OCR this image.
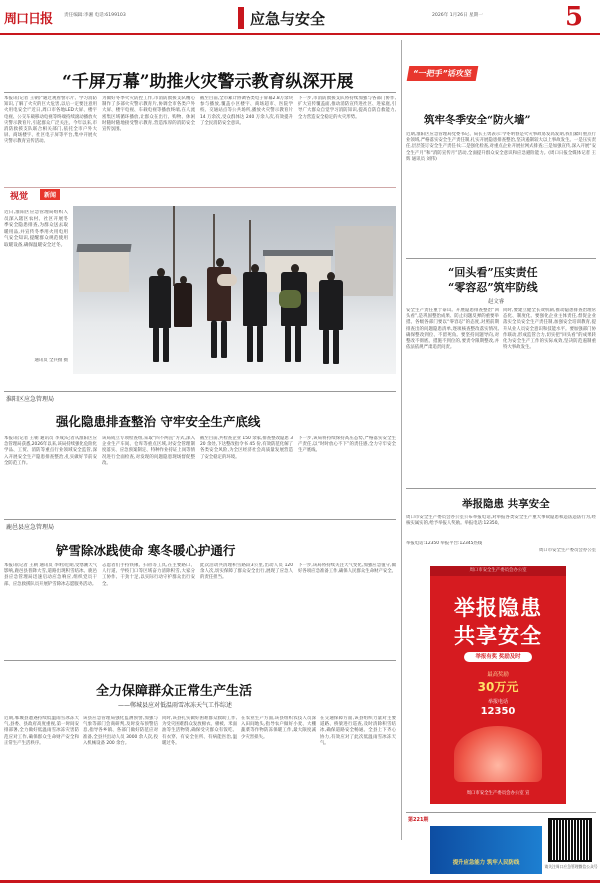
周口日报	责任编辑:李湘 电话:6199103	应急与安全	2026年 1月26日 星期一	5
“千屏万幕”助推火灾警示教育纵深开展
本报讯(记者 王朝)“通过观看警示片、学习消防知识,了解了火灾的巨大危害,以后一定要注意用火用电安全!”近日,周口市各地LED大屏、楼宇电视、公交车载移动电视等终端持续滚动播放火灾警示教育片,引起群众广泛关注。今年以来,市消防救援支队联合相关部门,依托全市户外大屏、商场楼宇、社区电子屏等平台,集中开展火灾警示教育宣传活动。
为做好冬季火灾防控工作,市消防救援支队精心制作了多部火灾警示教育片,协调全市各类户外大屏、楼宇电视、车载电视等播放终端,在人流密集区域循环播放,让群众在出行、购物、休闲时随时随地接受警示教育,营造浓厚的消防安全宣传氛围。
截至目前,全市累计协调各类电子屏幕2.8万余块参与播放,覆盖小区楼宇、商场超市、医院学校、交通站点等公共场所,播放火灾警示教育片 14 万余次,受众群体达 240 万余人次,有效提升了全民消防安全意识。
下一步,市消防救援支队将持续加强与各部门协作,扩大宣传覆盖面,推动消防宣传进社区、进家庭,引导广大群众自觉学习消防知识,提高自防自救能力,全力营造安全稳定的火灾形势。
视觉	新闻
近日,淮阳区应急管理局组织人员深入辖区农村、社区开展冬季安全隐患排查,为群众送去取暖用品,并宣传冬季用火用电用气安全知识,提醒群众规范使用取暖设备,确保温暖安全过冬。
通讯员 全兵摄 摄
淮阳区应急管理局
强化隐患排查整治 守牢安全生产底线
本报讯(记者 王朝 通讯员 李成)记者从淮阳区应急管理局获悉,2026年以来,该局持续强化危险化学品、工贸、消防等重点行业领域安全监管,深入开展安全生产隐患排查整治,扎实做好节前安全防范工作。
该局成立专项检查组,采取“四不两直”方式,深入企业生产车间、仓库等重点区域,对安全管理制度落实、应急预案制定、特种作业持证上岗等情况进行全面检查,对发现的问题隐患现场督促整改。
截至目前,共检查企业 150 余家,排查整改隐患 320 余处,下达整改指令书 45 份,有效防范化解了各类安全风险,为全区经济社会高质量发展营造了安全稳定的环境。
下一步,该局将持续保持高压态势,严格落实安全生产责任,以“时时放心不下”的责任感,全力守牢安全生产底线。
鹿邑县应急管理局
铲雪除冰践使命 寒冬暖心护通行
本报讯(记者 王朝 通讯员 李明)近期,受寒潮天气影响,鹿邑县普降大雪,道路出现积雪结冰。鹿邑县应急管理局迅速启动应急响应,组织党员干部、应急救援队员开展铲雪除冰志愿服务活动。
志愿者们手持铁锹、扫帚等工具,在主要路口、人行道、学校门口等区域奋力清除积雪,大家分工协作、干劲十足,以实际行动守护群众出行安全。
此次活动共清理积雪路段3公里,出动人员 120 余人次,切实保障了群众安全出行,展现了应急人的责任担当。
下一步,该局将持续关注天气变化,加强应急值守,做好各项应急准备工作,确保人民群众生命财产安全。
全力保障群众正常生产生活
——郸城县应对低温雨雪冰冻天气工作综述
近期,郸城县遭遇持续低温雨雪冰冻天气,县委、县政府高度重视,第一时间安排部署,全力做好低温雨雪冰冻灾害防范应对工作,确保群众生命财产安全和正常生产生活秩序。
该县应急管理局强化监测预警,加强与气象等部门会商研判,及时发布预警信息,指导各乡镇、各部门做好防范应对准备,全县共出动人员 3000 余人次,投入机械设备 200 余台。
同时,该县扎实做好困难群众救助工作,为受灾困难群众发放棉衣、棉被、米面油等生活物资,确保受灾群众有饭吃、有衣穿、有安全住所、有病能医治,温暖过冬。
在农业生产方面,该县组织农技人员深入田间地头,指导农户做好小麦、大棚蔬菜等作物防冻保暖工作,最大限度减少灾害损失。
在交通保障方面,该县组织力量对主要道路、桥梁进行巡查,及时清除积雪结冰,确保道路安全畅通。全县上下齐心协力,有效应对了此次低温雨雪冰冻天气。
“一把手”话攻坚
筑牢冬季安全“防火墙”
近期,淮阳区应急管理局党委书记、局长王勇表示:今冬明春是火灾事故易发高发期,我们紧盯重点行业领域,严格落实安全生产责任制,扎实开展隐患排查整治,坚决遏制较大以上事故发生。一是压实责任,层层签订安全生产责任书;二是强化检查,对重点企业开展拉网式排查;三是加强宣传,深入开展“安全生产月”和“消防宣传月”活动,全面提升群众安全意识和应急避险能力。(周口日报全媒体记者 王辉 通讯员 刘伟)
“回头看”压实责任
“零容忍”筑牢防线
赵文睿
安全生产责任重于泰山。开展隐患排查整治“回头看”,是巩固整治成果、防止问题反弹的重要举措。各级各部门要以“零容忍”的态度,对照前期排查出的问题隐患清单,逐项核查整改落实情况,确保整改到位、不留死角。要坚持问题导向,对整改不彻底、措施不到位的,要责令限期整改,并依法依规严肃追责问责。
同时,要建立健全长效机制,推动隐患排查治理常态化、制度化。要强化企业主体责任,督促企业落实全员安全生产责任制,加强安全培训教育,提升从业人员安全意识和技能水平。要加强部门协作联动,形成监管合力,切实把“回头看”的成果转化为安全生产工作的实际成效,坚决防范遏制重特大事故发生。
举报隐患 共享安全
周口市安全生产委员会办公室公布举报电话,对举报各类安全生产重大事故隐患和违法违法行为,经核实属实的,给予举报人奖励。举报电话:12350。
举报电话:12350 举报平台:12345热线
周口市安全生产委员会办公室
周口市安全生产委员会办公室
举报隐患
共享安全
举报有奖 奖励及时
最高奖励
30万元
举报电话
12350
周口市安全生产委员会办公室 宣
第221期
提升应急能力 筑牢人民防线
请关注周口应急管理微信公众号
